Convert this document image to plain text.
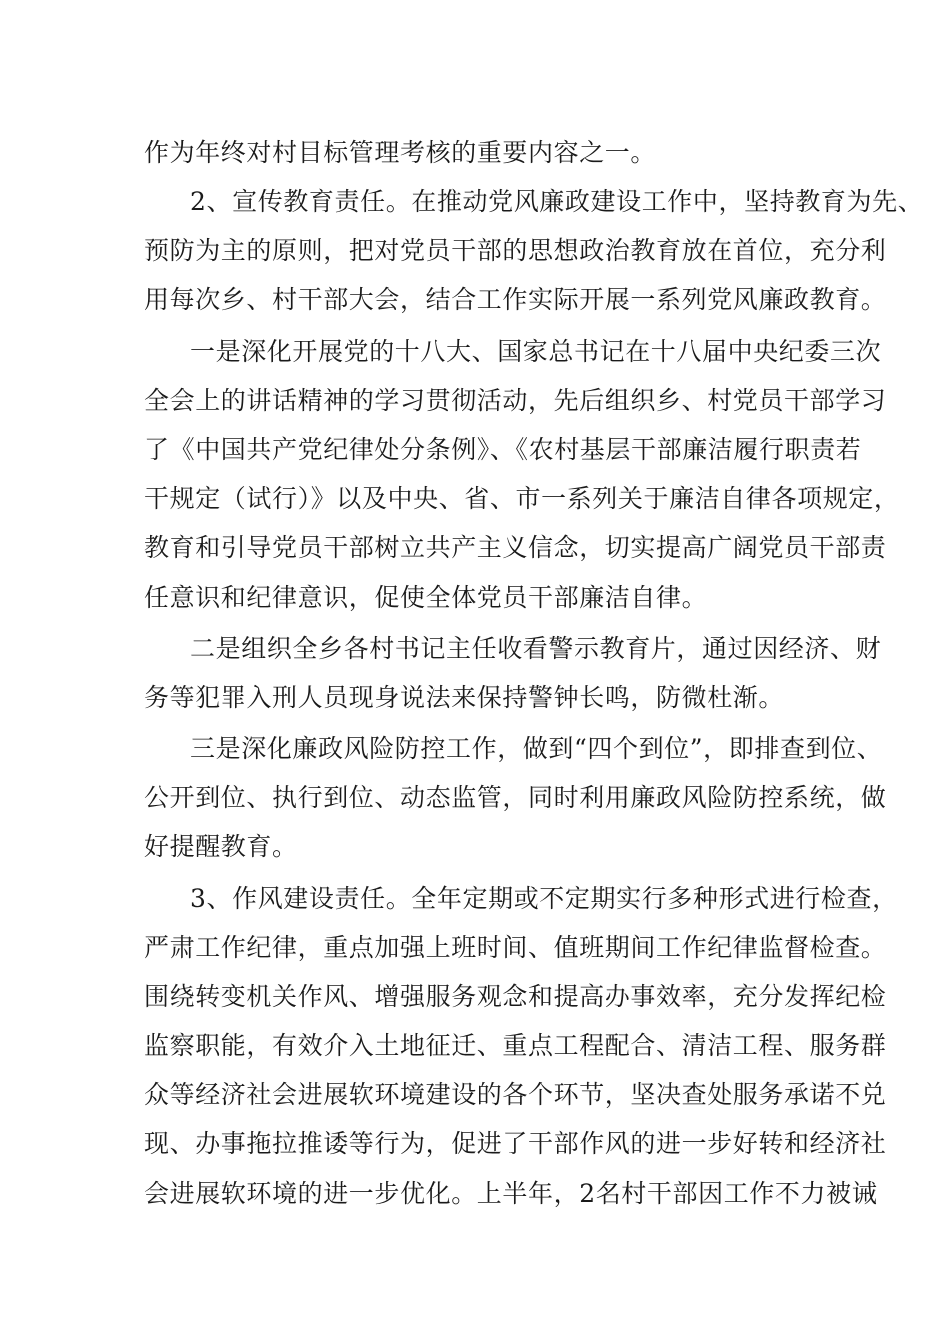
作为年终对村目标管理考核的重要内容之一。
2、宣传教育责任。在推动党风廉政建设工作中，坚持教育为先、
预防为主的原则，把对党员干部的思想政治教育放在首位，充分利
用每次乡、村干部大会，结合工作实际开展一系列党风廉政教育。
一是深化开展党的十八大、国家总书记在十八届中央纪委三次
全会上的讲话精神的学习贯彻活动，先后组织乡、村党员干部学习
了《中国共产党纪律处分条例》、《农村基层干部廉洁履行职责若
干规定（试行）》以及中央、省、市一系列关于廉洁自律各项规定，
教育和引导党员干部树立共产主义信念，切实提高广阔党员干部责
任意识和纪律意识，促使全体党员干部廉洁自律。
二是组织全乡各村书记主任收看警示教育片，通过因经济、财
务等犯罪入刑人员现身说法来保持警钟长鸣，防微杜渐。
三是深化廉政风险防控工作，做到“四个到位”，即排查到位、
公开到位、执行到位、动态监管，同时利用廉政风险防控系统，做
好提醒教育。
3、作风建设责任。全年定期或不定期实行多种形式进行检查，
严肃工作纪律，重点加强上班时间、值班期间工作纪律监督检查。
围绕转变机关作风、增强服务观念和提高办事效率，充分发挥纪检
监察职能，有效介入土地征迁、重点工程配合、清洁工程、服务群
众等经济社会进展软环境建设的各个环节，坚决查处服务承诺不兑
现、办事拖拉推诿等行为，促进了干部作风的进一步好转和经济社
会进展软环境的进一步优化。上半年，2名村干部因工作不力被诫
